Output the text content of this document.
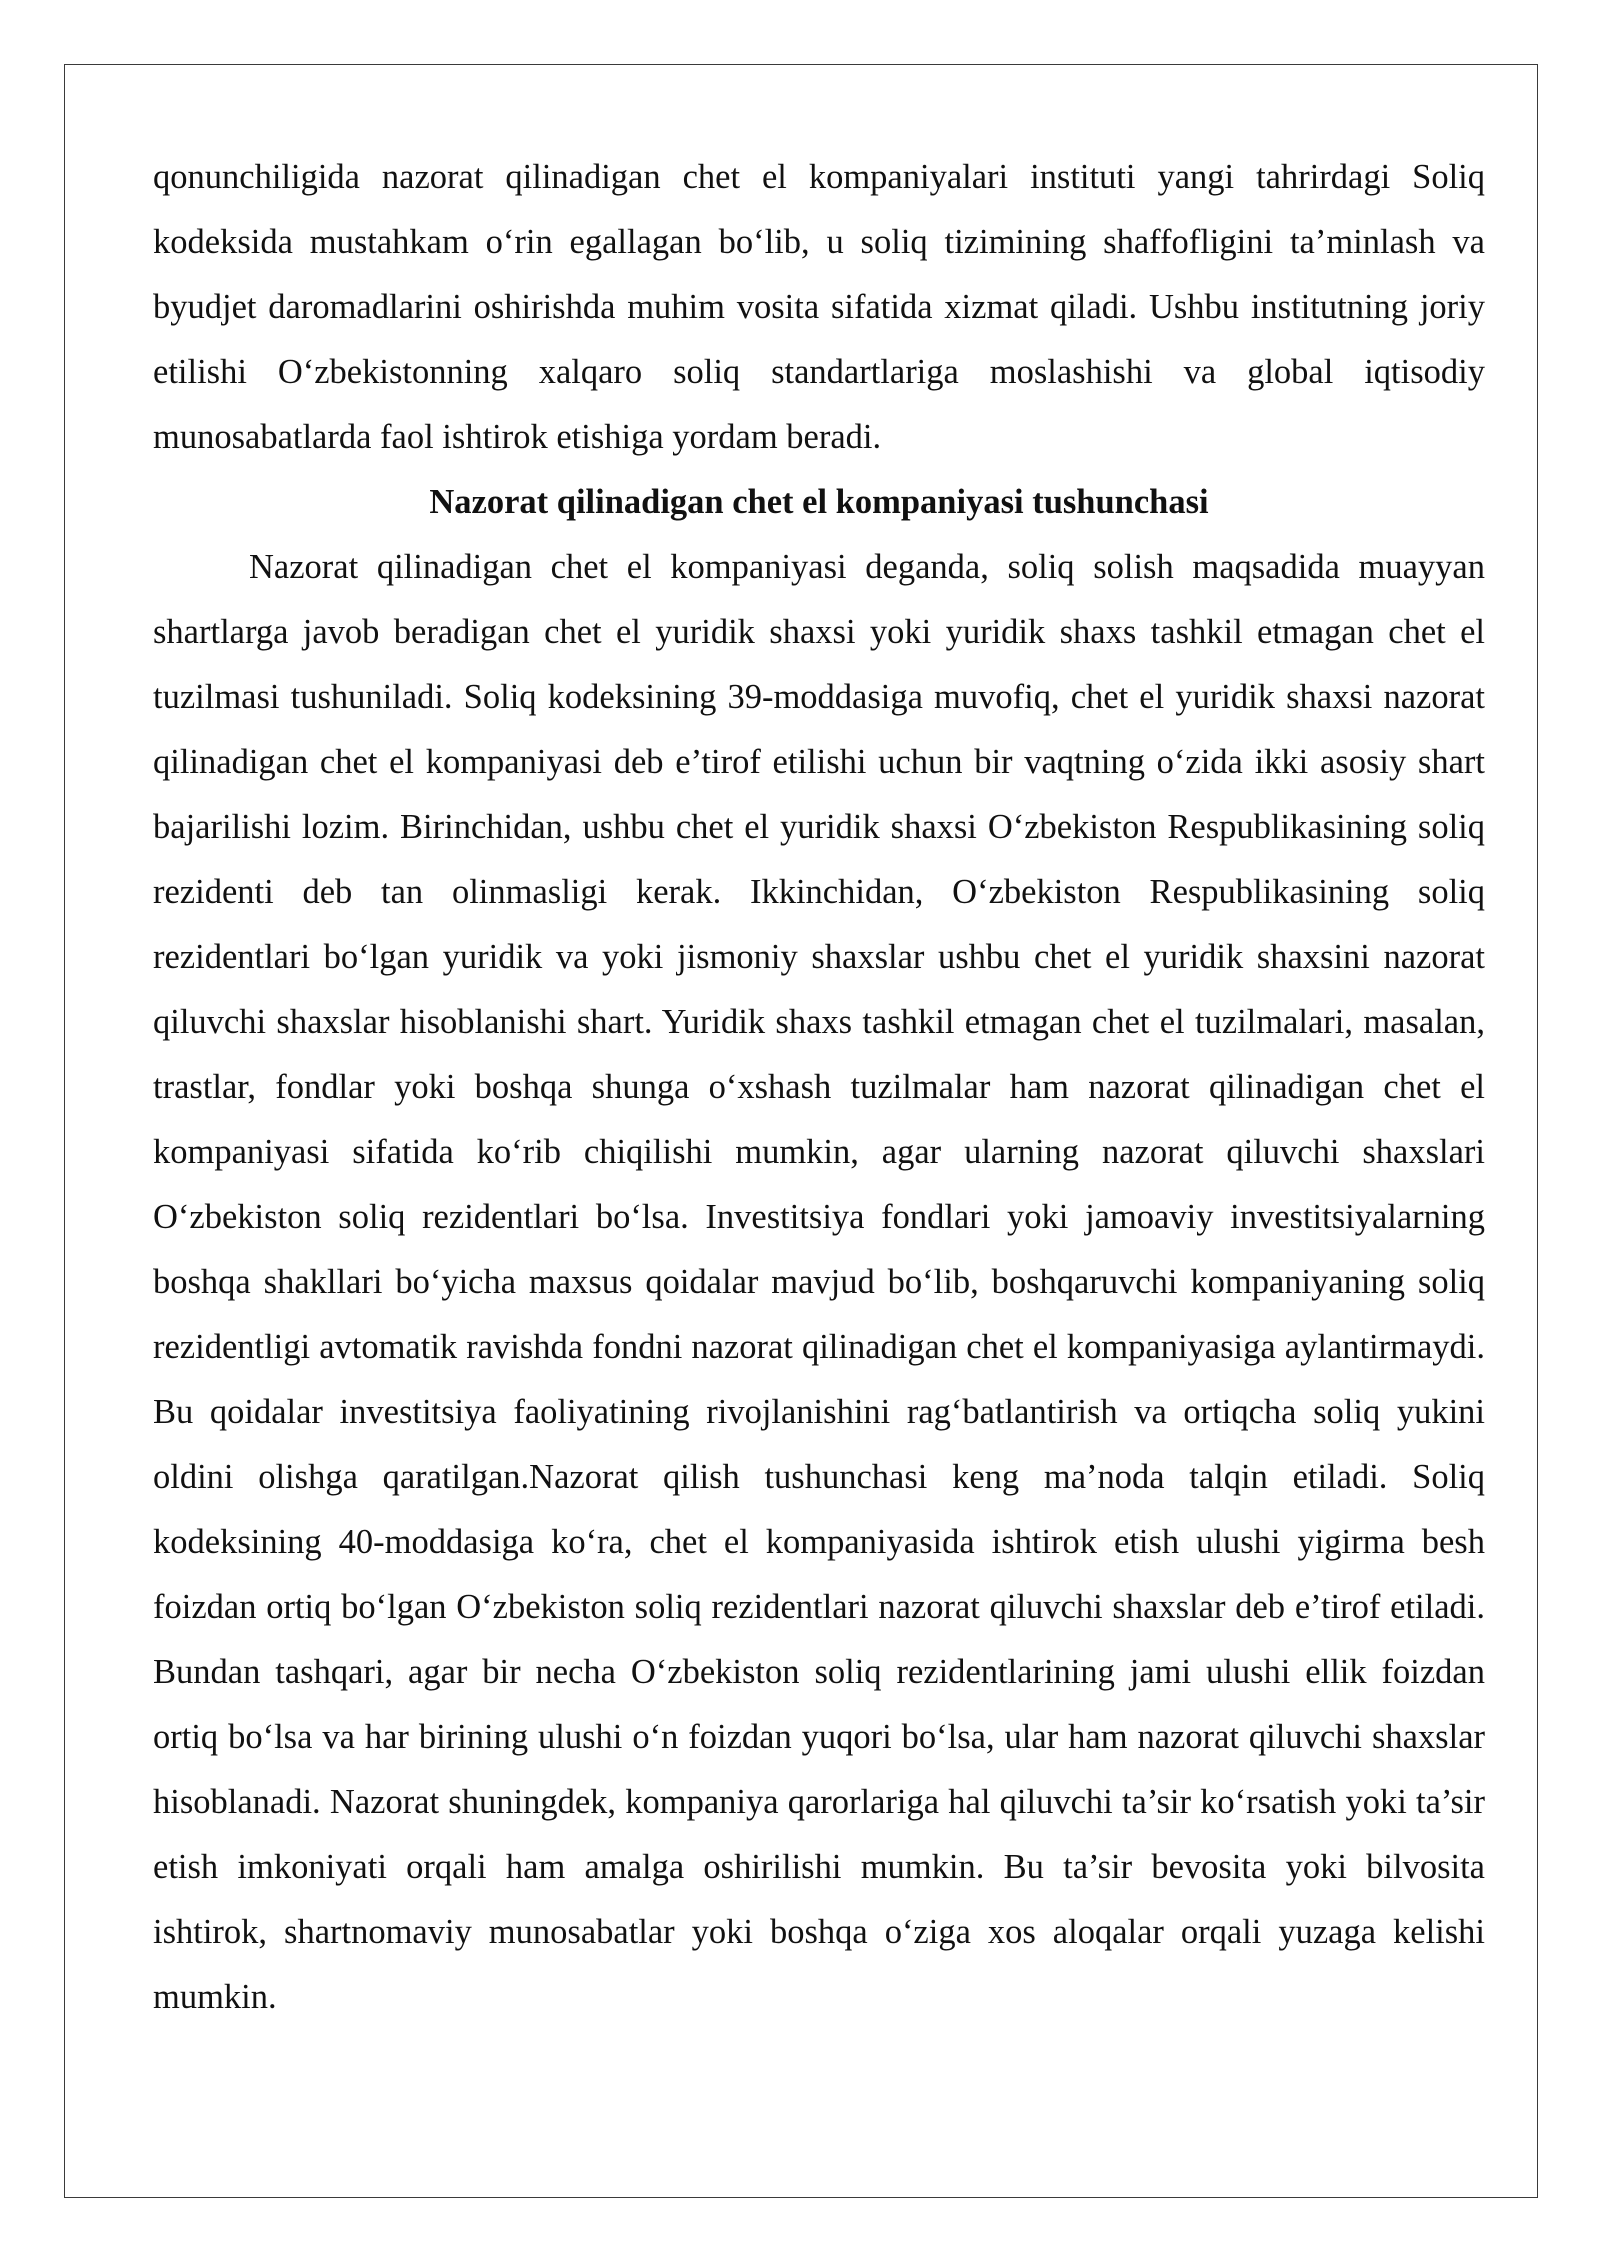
qonunchiligida nazorat qilinadigan chet el kompaniyalari instituti yangi tahrirdagi Soliq kodeksida mustahkam o‘rin egallagan bo‘lib, u soliq tizimining shaffofligini ta’minlash va byudjet daromadlarini oshirishda muhim vosita sifatida xizmat qiladi. Ushbu institutning joriy etilishi O‘zbekistonning xalqaro soliq standartlariga moslashishi va global iqtisodiy munosabatlarda faol ishtirok etishiga yordam beradi.

Nazorat qilinadigan chet el kompaniyasi tushunchasi

Nazorat qilinadigan chet el kompaniyasi deganda, soliq solish maqsadida muayyan shartlarga javob beradigan chet el yuridik shaxsi yoki yuridik shaxs tashkil etmagan chet el tuzilmasi tushuniladi. Soliq kodeksining 39-moddasiga muvofiq, chet el yuridik shaxsi nazorat qilinadigan chet el kompaniyasi deb e’tirof etilishi uchun bir vaqtning o‘zida ikki asosiy shart bajarilishi lozim. Birinchidan, ushbu chet el yuridik shaxsi O‘zbekiston Respublikasining soliq rezidenti deb tan olinmasligi kerak. Ikkinchidan, O‘zbekiston Respublikasining soliq rezidentlari bo‘lgan yuridik va yoki jismoniy shaxslar ushbu chet el yuridik shaxsini nazorat qiluvchi shaxslar hisoblanishi shart. Yuridik shaxs tashkil etmagan chet el tuzilmalari, masalan, trastlar, fondlar yoki boshqa shunga o‘xshash tuzilmalar ham nazorat qilinadigan chet el kompaniyasi sifatida ko‘rib chiqilishi mumkin, agar ularning nazorat qiluvchi shaxslari O‘zbekiston soliq rezidentlari bo‘lsa. Investitsiya fondlari yoki jamoaviy investitsiyalarning boshqa shakllari bo‘yicha maxsus qoidalar mavjud bo‘lib, boshqaruvchi kompaniyaning soliq rezidentligi avtomatik ravishda fondni nazorat qilinadigan chet el kompaniyasiga aylantirmaydi. Bu qoidalar investitsiya faoliyatining rivojlanishini rag‘batlantirish va ortiqcha soliq yukini oldini olishga qaratilgan.Nazorat qilish tushunchasi keng ma’noda talqin etiladi. Soliq kodeksining 40-moddasiga ko‘ra, chet el kompaniyasida ishtirok etish ulushi yigirma besh foizdan ortiq bo‘lgan O‘zbekiston soliq rezidentlari nazorat qiluvchi shaxslar deb e’tirof etiladi. Bundan tashqari, agar bir necha O‘zbekiston soliq rezidentlarining jami ulushi ellik foizdan ortiq bo‘lsa va har birining ulushi o‘n foizdan yuqori bo‘lsa, ular ham nazorat qiluvchi shaxslar hisoblanadi. Nazorat shuningdek, kompaniya qarorlariga hal qiluvchi ta’sir ko‘rsatish yoki ta’sir etish imkoniyati orqali ham amalga oshirilishi mumkin. Bu ta’sir bevosita yoki bilvosita ishtirok, shartnomaviy munosabatlar yoki boshqa o‘ziga xos aloqalar orqali yuzaga kelishi mumkin.
